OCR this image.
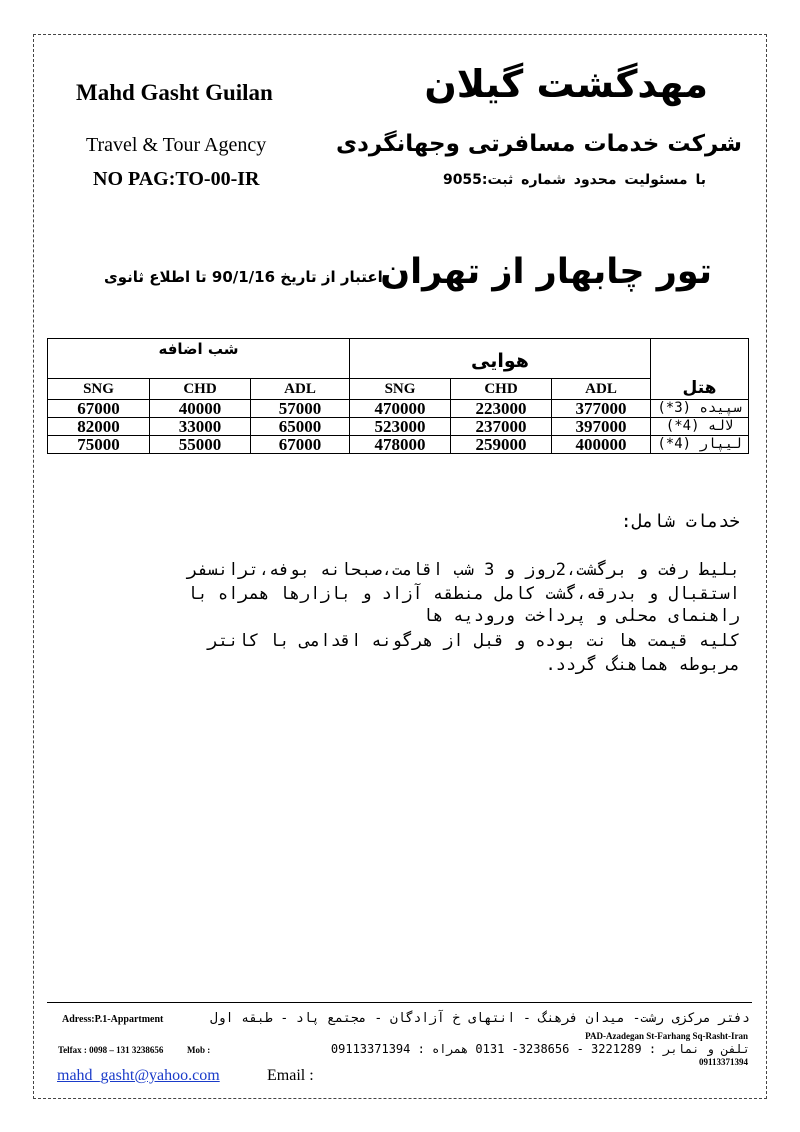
Mahd Gasht Guilan
Travel & Tour Agency
NO PAG:TO-00-IR
مهدگشت گیلان
شرکت خدمات مسافرتی وجهانگردی
با مسئولیت محدود شماره ثبت:9055
تور چابهار از تهران
اعتبار از تاریخ 90/1/16 تا اطلاع ثانوی
شب اضافه			هوایی			هتل
SNG	CHD	ADL	SNG	CHD	ADL	
67000	40000	57000	470000	223000	377000	سپیده (3*)
82000	33000	65000	523000	237000	397000	لاله (4*)
75000	55000	67000	478000	259000	400000	لیپار (4*)
خدمات شامل:
بلیط رفت و برگشت،2روز و 3 شب اقامت،صبحانه بوفه،ترانسفر
استقبال و بدرقه،گشت کامل منطقه آزاد و بازارها همراه با
راهنمای محلی و پرداخت ورودیه ها
کلیه قیمت ها نت بوده و قبل از هرگونه اقدامی با کانتر
مربوطه هماهنگ گردد.
Adress:P.1-Appartment	دفتر مرکزی رشت- میدان فرهنگ - انتهای خ آزادگان - مجتمع پاد - طبقه اول
PAD-Azadegan St-Farhang Sq-Rasht-Iran
Telfax : 0098 – 131 3238656	Mob :	تلفن و نمابر : 3221289 - 3238656- 0131 همراه : 09113371394
09113371394
mahd_gasht@yahoo.com	Email :
